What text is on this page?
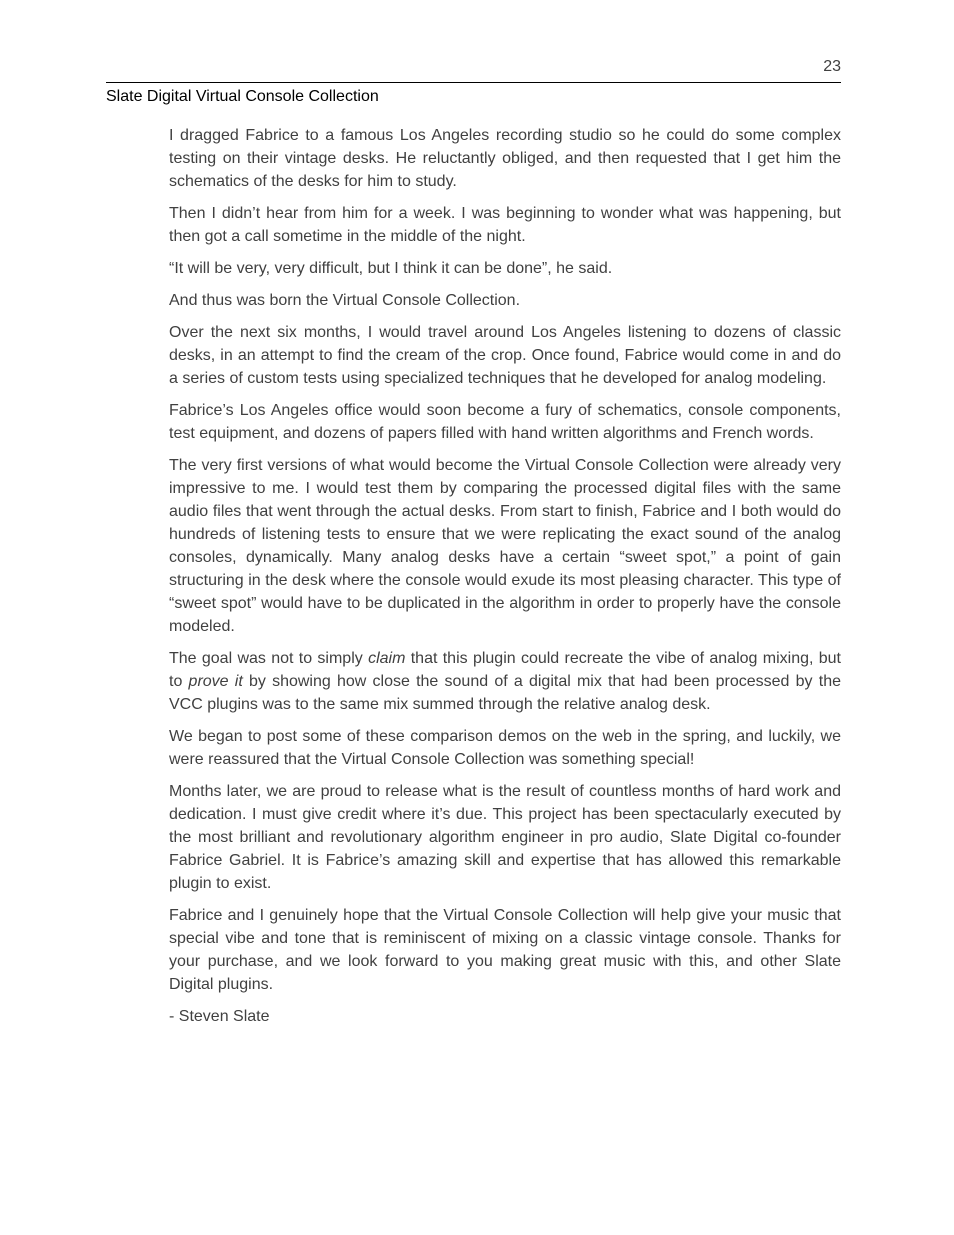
23
Slate Digital Virtual Console Collection

I dragged Fabrice to a famous Los Angeles recording studio so he could do some complex testing on their vintage desks. He reluctantly obliged, and then requested that I get him the schematics of the desks for him to study.

Then I didn’t hear from him for a week. I was beginning to wonder what was happening, but then got a call sometime in the middle of the night.

“It will be very, very difficult, but I think it can be done”, he said.

And thus was born the Virtual Console Collection.

Over the next six months, I would travel around Los Angeles listening to dozens of classic desks, in an attempt to find the cream of the crop. Once found, Fabrice would come in and do a series of custom tests using specialized techniques that he developed for analog modeling.

Fabrice’s Los Angeles office would soon become a fury of schematics, console components, test equipment, and dozens of papers filled with hand written algorithms and French words.

The very first versions of what would become the Virtual Console Collection were already very impressive to me. I would test them by comparing the processed digital files with the same audio files that went through the actual desks. From start to finish, Fabrice and I both would do hundreds of listening tests to ensure that we were replicating the exact sound of the analog consoles, dynamically. Many analog desks have a certain “sweet spot,” a point of gain structuring in the desk where the console would exude its most pleasing character. This type of “sweet spot” would have to be duplicated in the algorithm in order to properly have the console modeled.

The goal was not to simply claim that this plugin could recreate the vibe of analog mixing, but to prove it by showing how close the sound of a digital mix that had been processed by the VCC plugins was to the same mix summed through the relative analog desk.

We began to post some of these comparison demos on the web in the spring, and luckily, we were reassured that the Virtual Console Collection was something special!

Months later, we are proud to release what is the result of countless months of hard work and dedication. I must give credit where it’s due. This project has been spectacularly executed by the most brilliant and revolutionary algorithm engineer in pro audio, Slate Digital co-founder Fabrice Gabriel. It is Fabrice’s amazing skill and expertise that has allowed this remarkable plugin to exist.

Fabrice and I genuinely hope that the Virtual Console Collection will help give your music that special vibe and tone that is reminiscent of mixing on a classic vintage console. Thanks for your purchase, and we look forward to you making great music with this, and other Slate Digital plugins.

- Steven Slate
